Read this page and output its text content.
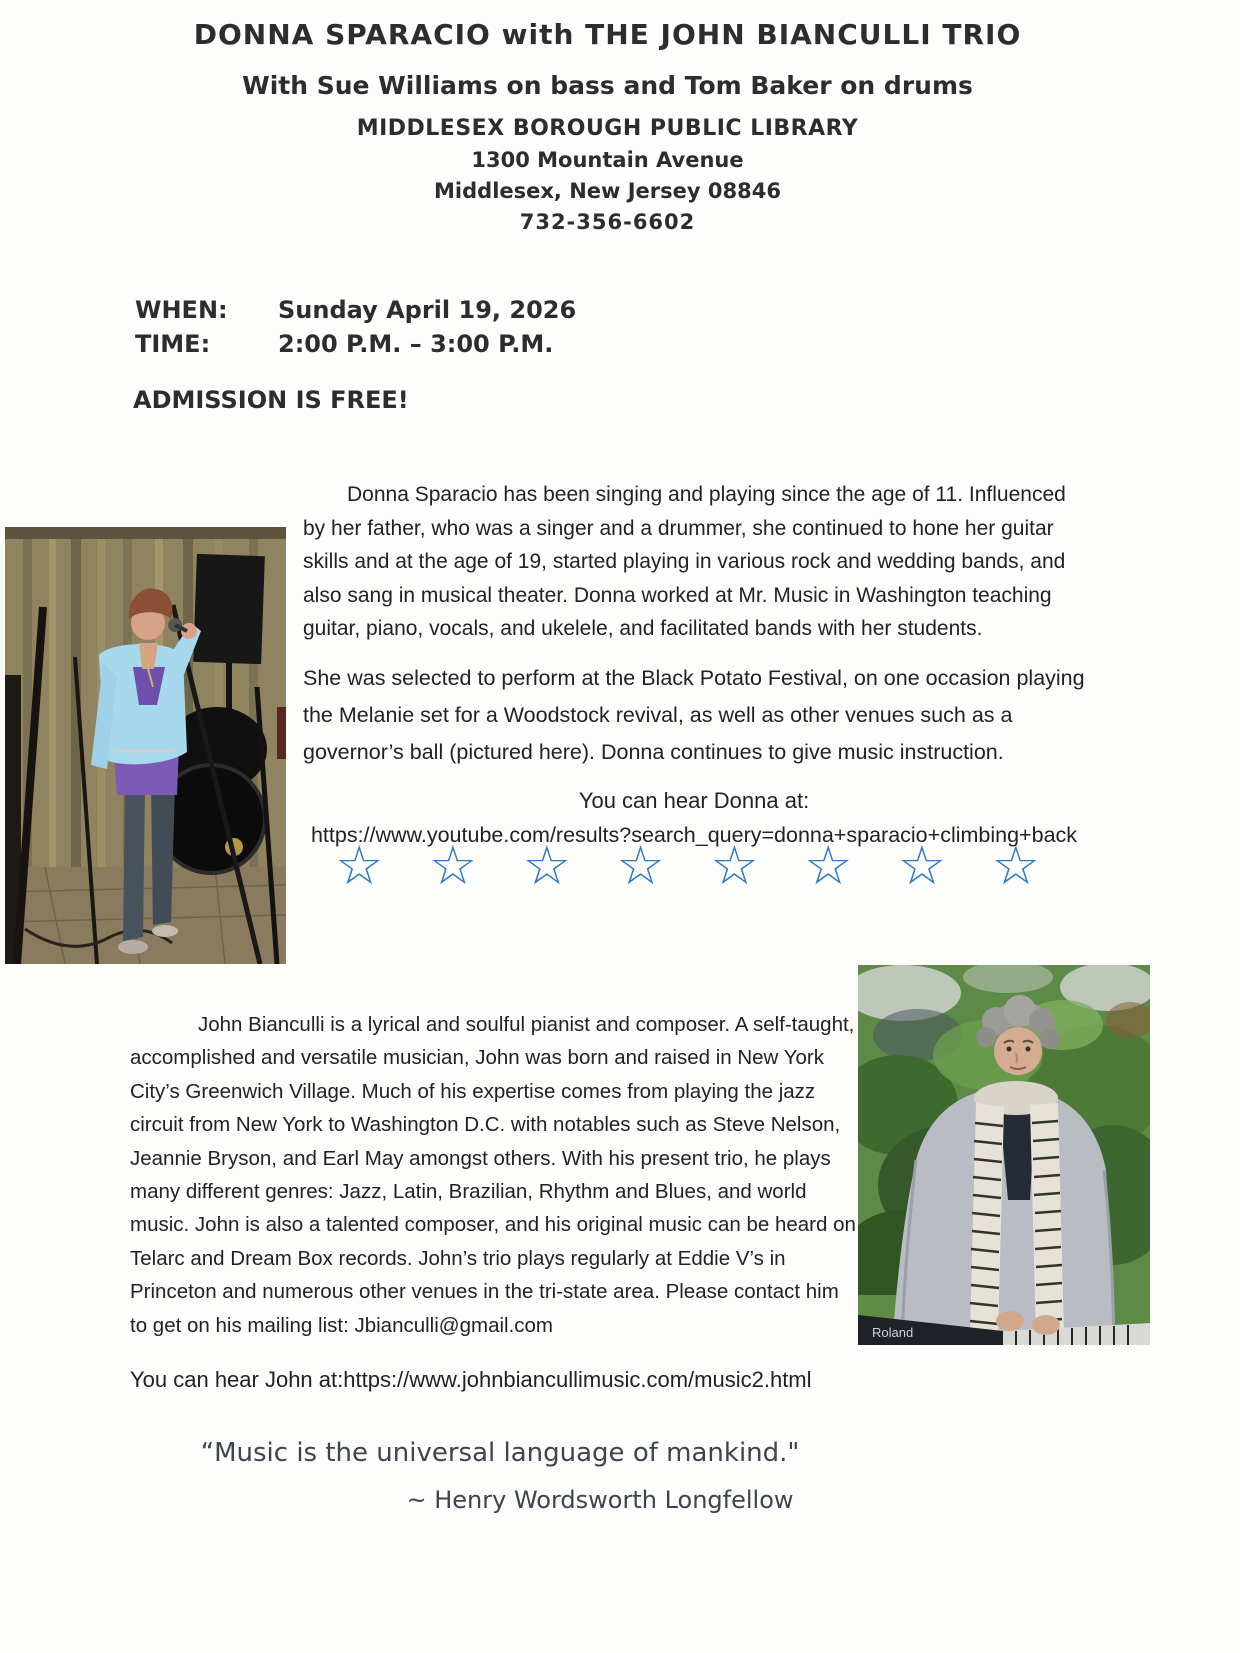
DONNA SPARACIO with THE JOHN BIANCULLI TRIO
With Sue Williams on bass and Tom Baker on drums
MIDDLESEX BOROUGH PUBLIC LIBRARY
1300 Mountain Avenue
Middlesex, New Jersey 08846
732-356-6602
WHEN:	Sunday April 19, 2026
TIME:	2:00 P.M. – 3:00 P.M.
ADMISSION IS FREE!

Donna Sparacio has been singing and playing since the age of 11. Influenced by her father, who was a singer and a drummer, she continued to hone her guitar skills and at the age of 19, started playing in various rock and wedding bands, and also sang in musical theater. Donna worked at Mr. Music in Washington teaching guitar, piano, vocals, and ukelele, and facilitated bands with her students.

She was selected to perform at the Black Potato Festival, on one occasion playing the Melanie set for a Woodstock revival, as well as other venues such as a governor’s ball (pictured here). Donna continues to give music instruction.

You can hear Donna at:
https://www.youtube.com/results?search_query=donna+sparacio+climbing+back
☆ ☆ ☆ ☆ ☆ ☆ ☆ ☆
Roland

John Bianculli is a lyrical and soulful pianist and composer. A self-taught, accomplished and versatile musician, John was born and raised in New York City’s Greenwich Village. Much of his expertise comes from playing the jazz circuit from New York to Washington D.C. with notables such as Steve Nelson, Jeannie Bryson, and Earl May amongst others. With his present trio, he plays many different genres: Jazz, Latin, Brazilian, Rhythm and Blues, and world music. John is also a talented composer, and his original music can be heard on Telarc and Dream Box records. John’s trio plays regularly at Eddie V’s in Princeton and numerous other venues in the tri-state area. Please contact him to get on his mailing list: Jbianculli@gmail.com

You can hear John at:https://www.johnbiancullimusic.com/music2.html
“Music is the universal language of mankind."
~ Henry Wordsworth Longfellow
